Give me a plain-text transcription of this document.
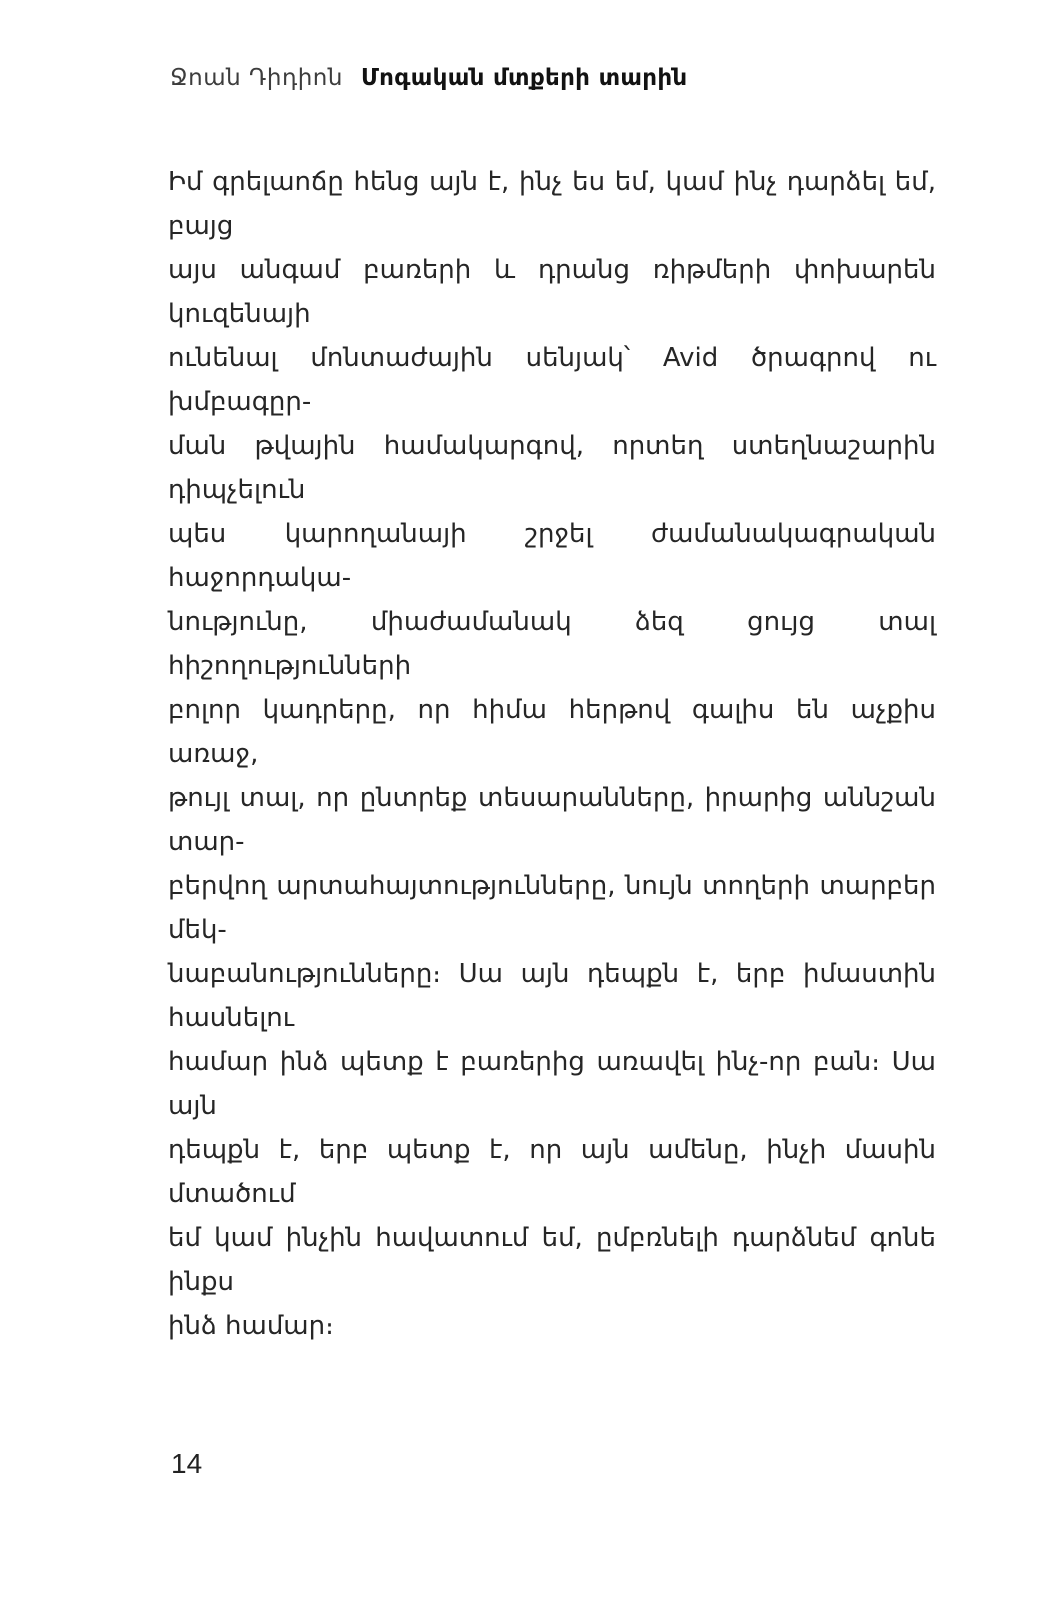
Ջոան Դիդիոն Մոգական մտքերի տարին
Իմ գրելաոճը հենց այն է, ինչ ես եմ, կամ ինչ դարձել եմ, բայց
այս անգամ բառերի և դրանց ռիթմերի փոխարեն կուզենայի
ունենալ մոնտաժային սենյակ՝ Avid ծրագրով ու խմբագըր-
ման թվային համակարգով, որտեղ ստեղնաշարին դիպչելուն
պես կարողանայի շրջել ժամանակագրական հաջորդակա-
նությունը, միաժամանակ ձեզ ցույց տալ հիշողությունների
բոլոր կադրերը, որ հիմա հերթով գալիս են աչքիս առաջ,
թույլ տալ, որ ընտրեք տեսարանները, իրարից աննշան տար-
բերվող արտահայտությունները, նույն տողերի տարբեր մեկ-
նաբանությունները։ Սա այն դեպքն է, երբ իմաստին հասնելու
համար ինձ պետք է բառերից առավել ինչ-որ բան։ Սա այն
դեպքն է, երբ պետք է, որ այն ամենը, ինչի մասին մտածում
եմ կամ ինչին հավատում եմ, ըմբռնելի դարձնեմ գոնե ինքս
ինձ համար։
14
